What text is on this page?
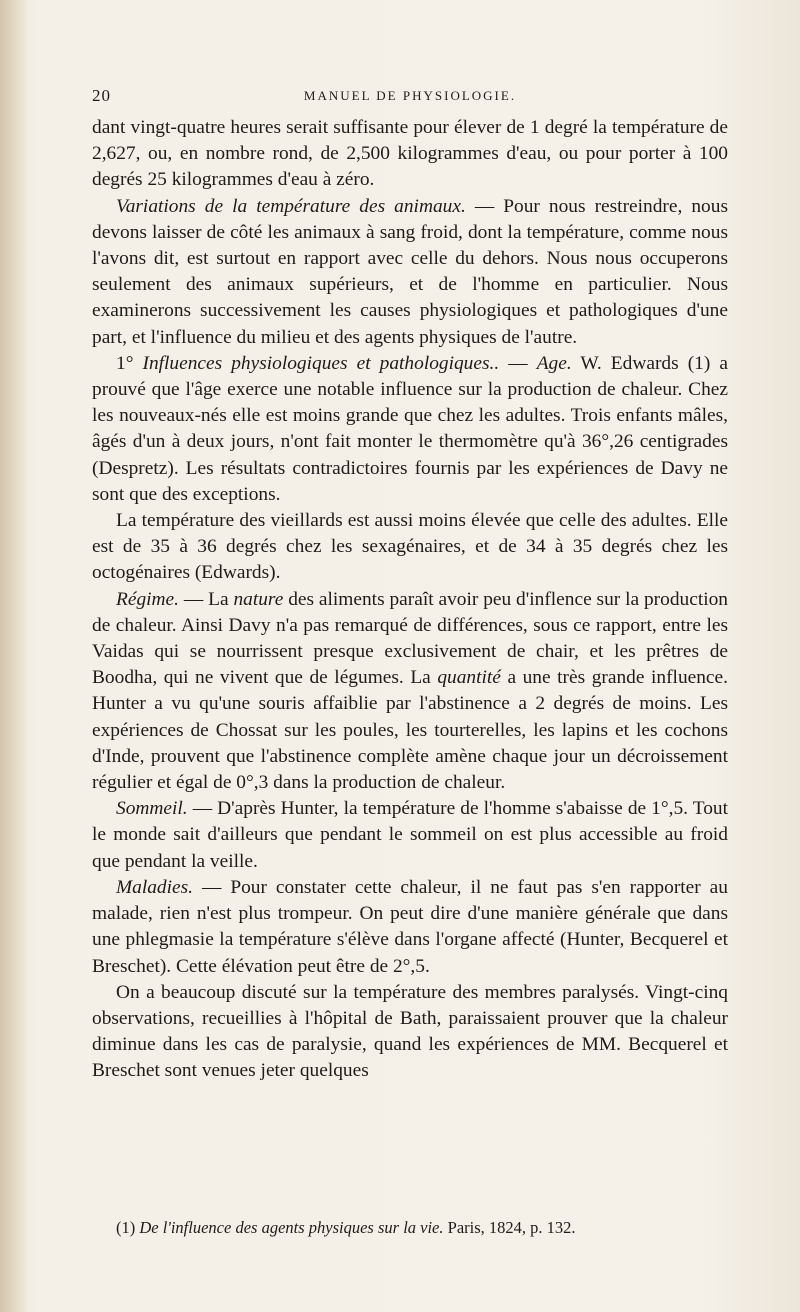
20	MANUEL DE PHYSIOLOGIE.

dant vingt-quatre heures serait suffisante pour élever de 1 degré la température de 2,627, ou, en nombre rond, de 2,500 kilogrammes d'eau, ou pour porter à 100 degrés 25 kilogrammes d'eau à zéro.

Variations de la température des animaux. — Pour nous restreindre, nous devons laisser de côté les animaux à sang froid, dont la température, comme nous l'avons dit, est surtout en rapport avec celle du dehors. Nous nous occuperons seulement des animaux supérieurs, et de l'homme en particulier. Nous examinerons successivement les causes physiologiques et pathologiques d'une part, et l'influence du milieu et des agents physiques de l'autre.

1° Influences physiologiques et pathologiques.. — Age. W. Edwards (1) a prouvé que l'âge exerce une notable influence sur la production de chaleur. Chez les nouveaux-nés elle est moins grande que chez les adultes. Trois enfants mâles, âgés d'un à deux jours, n'ont fait monter le thermomètre qu'à 36°,26 centigrades (Despretz). Les résultats contradictoires fournis par les expériences de Davy ne sont que des exceptions.

La température des vieillards est aussi moins élevée que celle des adultes. Elle est de 35 à 36 degrés chez les sexagénaires, et de 34 à 35 degrés chez les octogénaires (Edwards).

Régime. — La nature des aliments paraît avoir peu d'inflence sur la production de chaleur. Ainsi Davy n'a pas remarqué de différences, sous ce rapport, entre les Vaidas qui se nourrissent presque exclusivement de chair, et les prêtres de Boodha, qui ne vivent que de légumes. La quantité a une très grande influence. Hunter a vu qu'une souris affaiblie par l'abstinence a 2 degrés de moins. Les expériences de Chossat sur les poules, les tourterelles, les lapins et les cochons d'Inde, prouvent que l'abstinence complète amène chaque jour un décroissement régulier et égal de 0°,3 dans la production de chaleur.

Sommeil. — D'après Hunter, la température de l'homme s'abaisse de 1°,5. Tout le monde sait d'ailleurs que pendant le sommeil on est plus accessible au froid que pendant la veille.

Maladies. — Pour constater cette chaleur, il ne faut pas s'en rapporter au malade, rien n'est plus trompeur. On peut dire d'une manière générale que dans une phlegmasie la température s'élève dans l'organe affecté (Hunter, Becquerel et Breschet). Cette élévation peut être de 2°,5.

On a beaucoup discuté sur la température des membres paralysés. Vingt-cinq observations, recueillies à l'hôpital de Bath, paraissaient prouver que la chaleur diminue dans les cas de paralysie, quand les expériences de MM. Becquerel et Breschet sont venues jeter quelques

(1) De l'influence des agents physiques sur la vie. Paris, 1824, p. 132.
